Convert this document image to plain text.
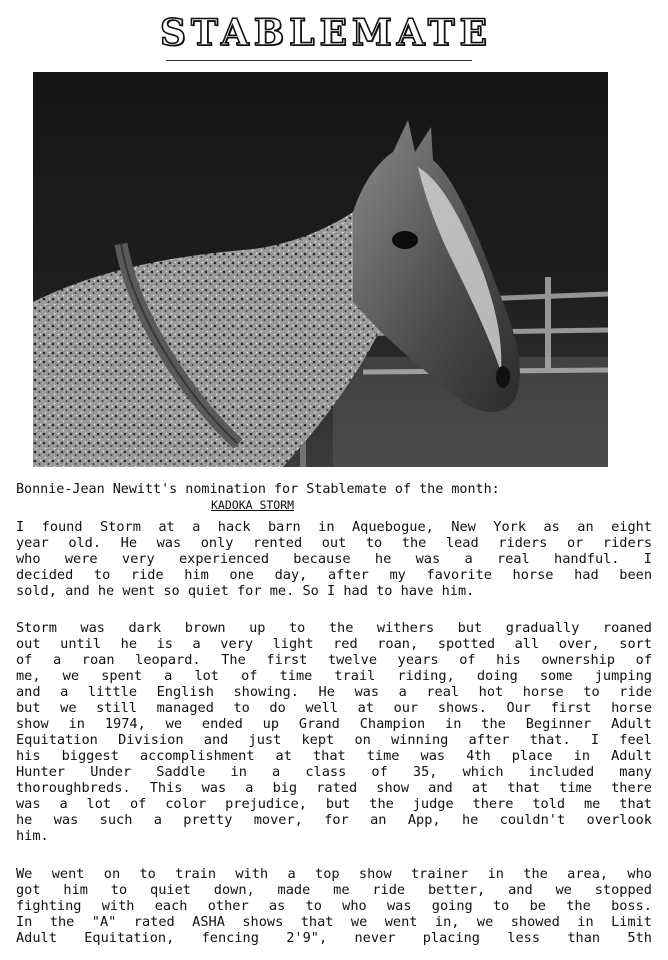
STABLEMATE
Bonnie-Jean Newitt's nomination for Stablemate of the month:
KADOKA STORM
I found Storm at a hack barn in Aquebogue, New York as an eight
year old. He was only rented out to the lead riders or riders
who were very experienced because he was a real handful. I
decided to ride him one day, after my favorite horse had been
sold, and he went so quiet for me. So I had to have him.
Storm was dark brown up to the withers but gradually roaned
out until he is a very light red roan, spotted all over, sort
of a roan leopard. The first twelve years of his ownership of
me, we spent a lot of time trail riding, doing some jumping
and a little English showing. He was a real hot horse to ride
but we still managed to do well at our shows. Our first horse
show in 1974, we ended up Grand Champion in the Beginner Adult
Equitation Division and just kept on winning after that. I feel
his biggest accomplishment at that time was 4th place in Adult
Hunter Under Saddle in a class of 35, which included many
thoroughbreds. This was a big rated show and at that time there
was a lot of color prejudice, but the judge there told me that
he was such a pretty mover, for an App, he couldn't overlook
him.
We went on to train with a top show trainer in the area, who
got him to quiet down, made me ride better, and we stopped
fighting with each other as to who was going to be the boss.
In the "A" rated ASHA shows that we went in, we showed in Limit
Adult Equitation, fencing 2'9", never placing less than 5th
